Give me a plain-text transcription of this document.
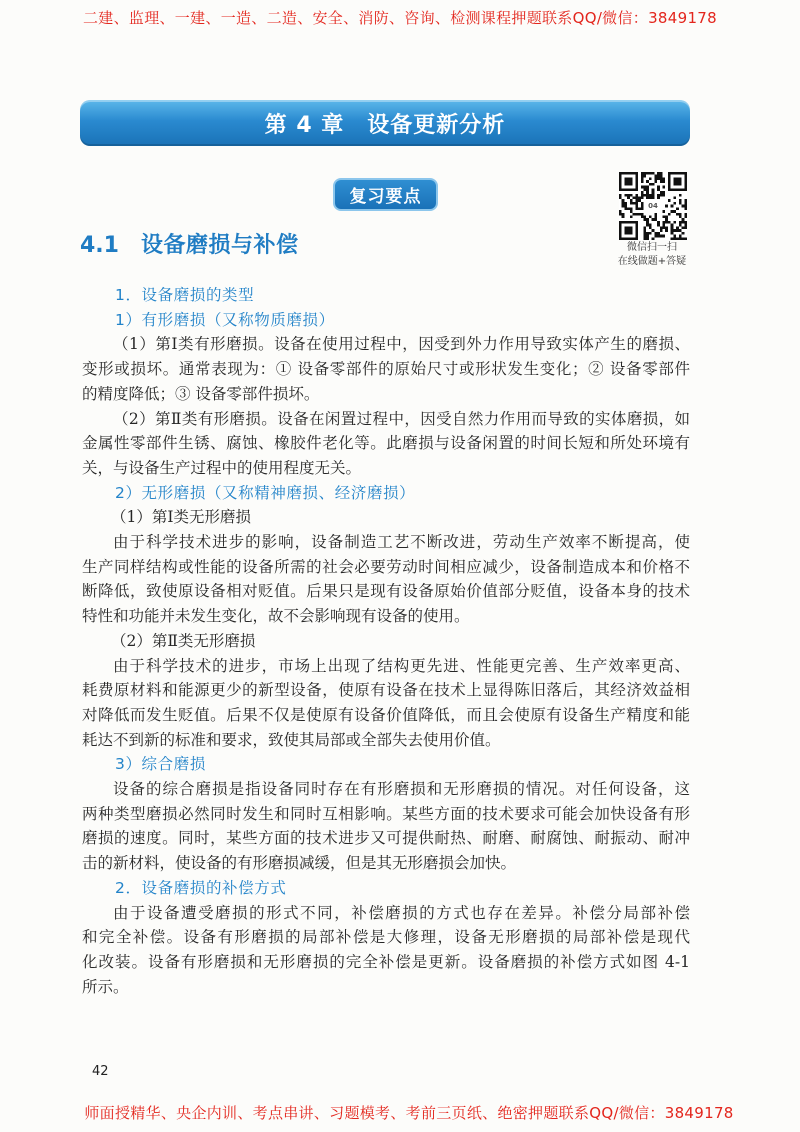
二建、监理、一建、一造、二造、安全、消防、咨询、检测课程押题联系QQ/微信：3849178
第 4 章　设备更新分析
复习要点	04
微信扫一扫
在线做题+答疑
4.1 设备磨损与补偿
1．设备磨损的类型
1）有形磨损（又称物质磨损）
（1）第Ⅰ类有形磨损。设备在使用过程中，因受到外力作用导致实体产生的磨损、
变形或损坏。通常表现为：① 设备零部件的原始尺寸或形状发生变化；② 设备零部件
的精度降低；③ 设备零部件损坏。
（2）第Ⅱ类有形磨损。设备在闲置过程中，因受自然力作用而导致的实体磨损，如
金属性零部件生锈、腐蚀、橡胶件老化等。此磨损与设备闲置的时间长短和所处环境有
关，与设备生产过程中的使用程度无关。
2）无形磨损（又称精神磨损、经济磨损）
（1）第Ⅰ类无形磨损
由于科学技术进步的影响，设备制造工艺不断改进，劳动生产效率不断提高，使
生产同样结构或性能的设备所需的社会必要劳动时间相应减少，设备制造成本和价格不
断降低，致使原设备相对贬值。后果只是现有设备原始价值部分贬值，设备本身的技术
特性和功能并未发生变化，故不会影响现有设备的使用。
（2）第Ⅱ类无形磨损
由于科学技术的进步，市场上出现了结构更先进、性能更完善、生产效率更高、
耗费原材料和能源更少的新型设备，使原有设备在技术上显得陈旧落后，其经济效益相
对降低而发生贬值。后果不仅是使原有设备价值降低，而且会使原有设备生产精度和能
耗达不到新的标准和要求，致使其局部或全部失去使用价值。
3）综合磨损
设备的综合磨损是指设备同时存在有形磨损和无形磨损的情况。对任何设备，这
两种类型磨损必然同时发生和同时互相影响。某些方面的技术要求可能会加快设备有形
磨损的速度。同时，某些方面的技术进步又可提供耐热、耐磨、耐腐蚀、耐振动、耐冲
击的新材料，使设备的有形磨损减缓，但是其无形磨损会加快。
2．设备磨损的补偿方式
由于设备遭受磨损的形式不同，补偿磨损的方式也存在差异。补偿分局部补偿
和完全补偿。设备有形磨损的局部补偿是大修理，设备无形磨损的局部补偿是现代
化改装。设备有形磨损和无形磨损的完全补偿是更新。设备磨损的补偿方式如图 4-1
所示。
42
师面授精华、央企内训、考点串讲、习题模考、考前三页纸、绝密押题联系QQ/微信：3849178
